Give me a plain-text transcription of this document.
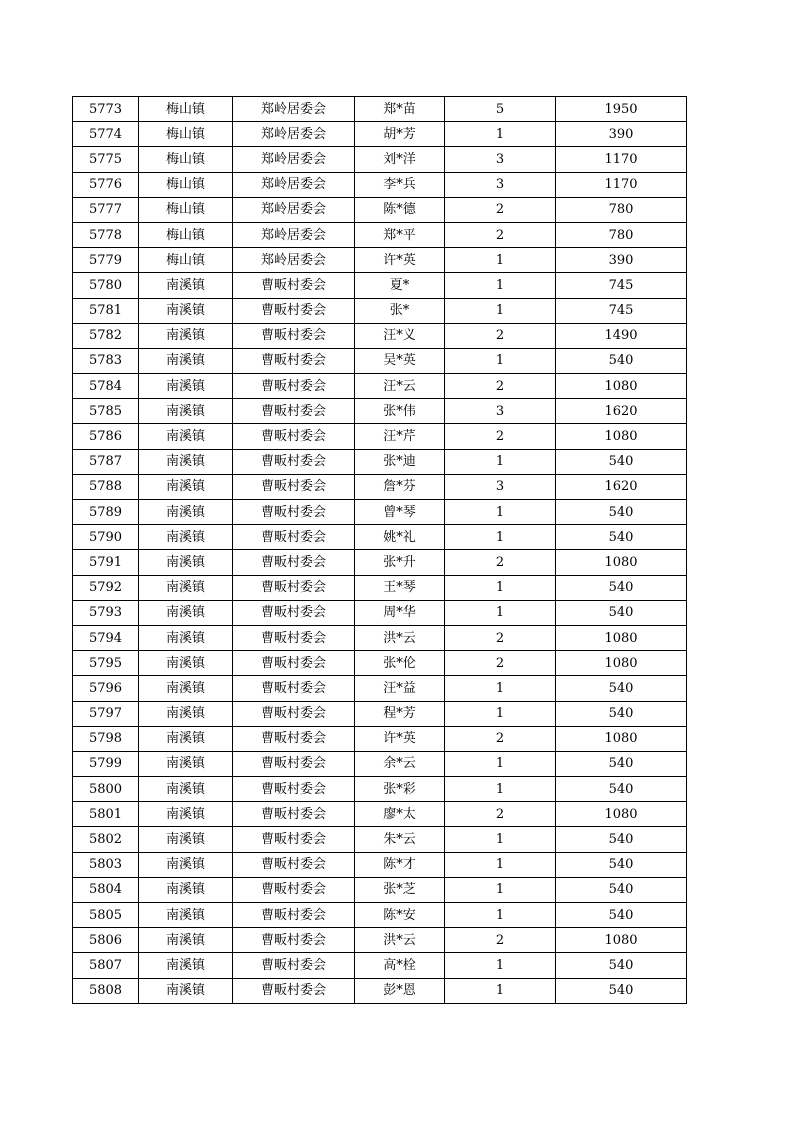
5773	梅山镇	郑岭居委会	郑*苗	5	1950
5774	梅山镇	郑岭居委会	胡*芳	1	390
5775	梅山镇	郑岭居委会	刘*洋	3	1170
5776	梅山镇	郑岭居委会	李*兵	3	1170
5777	梅山镇	郑岭居委会	陈*德	2	780
5778	梅山镇	郑岭居委会	郑*平	2	780
5779	梅山镇	郑岭居委会	许*英	1	390
5780	南溪镇	曹畈村委会	夏*	1	745
5781	南溪镇	曹畈村委会	张*	1	745
5782	南溪镇	曹畈村委会	汪*义	2	1490
5783	南溪镇	曹畈村委会	吴*英	1	540
5784	南溪镇	曹畈村委会	汪*云	2	1080
5785	南溪镇	曹畈村委会	张*伟	3	1620
5786	南溪镇	曹畈村委会	汪*芹	2	1080
5787	南溪镇	曹畈村委会	张*迪	1	540
5788	南溪镇	曹畈村委会	詹*芬	3	1620
5789	南溪镇	曹畈村委会	曾*琴	1	540
5790	南溪镇	曹畈村委会	姚*礼	1	540
5791	南溪镇	曹畈村委会	张*升	2	1080
5792	南溪镇	曹畈村委会	王*琴	1	540
5793	南溪镇	曹畈村委会	周*华	1	540
5794	南溪镇	曹畈村委会	洪*云	2	1080
5795	南溪镇	曹畈村委会	张*伦	2	1080
5796	南溪镇	曹畈村委会	汪*益	1	540
5797	南溪镇	曹畈村委会	程*芳	1	540
5798	南溪镇	曹畈村委会	许*英	2	1080
5799	南溪镇	曹畈村委会	余*云	1	540
5800	南溪镇	曹畈村委会	张*彩	1	540
5801	南溪镇	曹畈村委会	廖*太	2	1080
5802	南溪镇	曹畈村委会	朱*云	1	540
5803	南溪镇	曹畈村委会	陈*才	1	540
5804	南溪镇	曹畈村委会	张*芝	1	540
5805	南溪镇	曹畈村委会	陈*安	1	540
5806	南溪镇	曹畈村委会	洪*云	2	1080
5807	南溪镇	曹畈村委会	高*栓	1	540
5808	南溪镇	曹畈村委会	彭*恩	1	540
